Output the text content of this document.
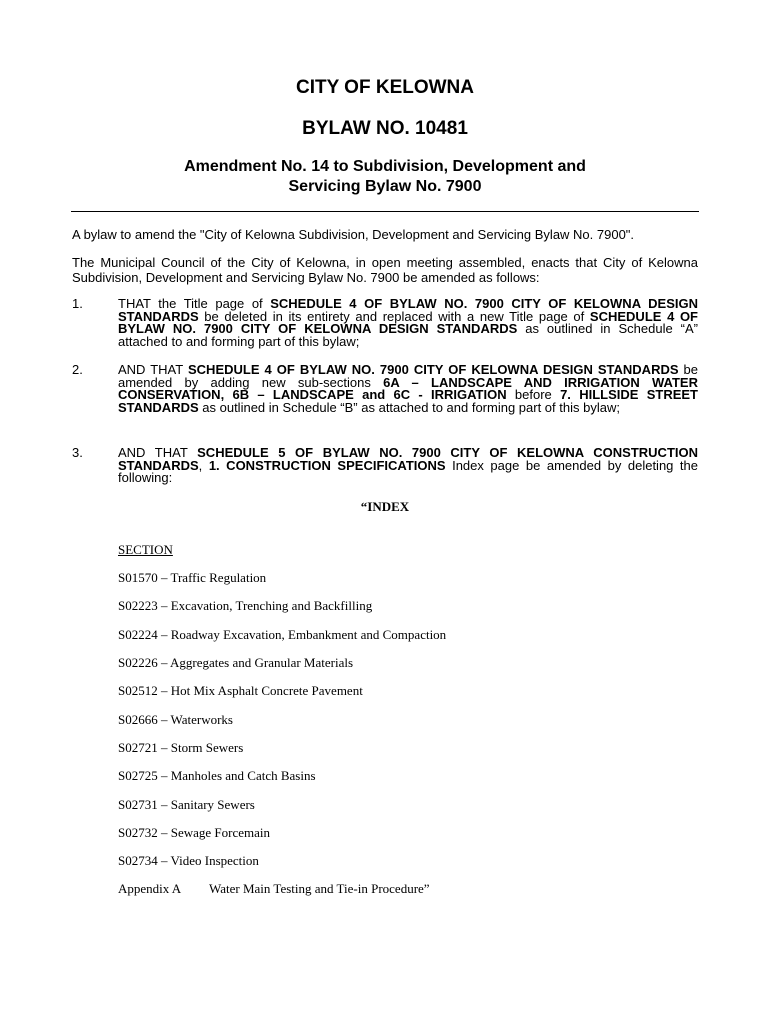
CITY OF KELOWNA
BYLAW NO. 10481
Amendment No. 14 to Subdivision, Development and
Servicing Bylaw No. 7900
A bylaw to amend the "City of Kelowna Subdivision, Development and Servicing Bylaw No. 7900".
The Municipal Council of the City of Kelowna, in open meeting assembled, enacts that City of Kelowna Subdivision, Development and Servicing Bylaw No. 7900 be amended as follows:
1.	THAT the Title page of SCHEDULE 4 OF BYLAW NO. 7900 CITY OF KELOWNA DESIGN STANDARDS be deleted in its entirety and replaced with a new Title page of SCHEDULE 4 OF BYLAW NO. 7900 CITY OF KELOWNA DESIGN STANDARDS as outlined in Schedule “A” attached to and forming part of this bylaw;
2.	AND THAT SCHEDULE 4 OF BYLAW NO. 7900 CITY OF KELOWNA DESIGN STANDARDS be amended by adding new sub-sections 6A – LANDSCAPE AND IRRIGATION WATER CONSERVATION, 6B – LANDSCAPE and 6C - IRRIGATION before 7. HILLSIDE STREET STANDARDS as outlined in Schedule “B” as attached to and forming part of this bylaw;
3.	AND THAT SCHEDULE 5 OF BYLAW NO. 7900 CITY OF KELOWNA CONSTRUCTION STANDARDS, 1. CONSTRUCTION SPECIFICATIONS Index page be amended by deleting the following:
“INDEX
SECTION
S01570 – Traffic Regulation
S02223 – Excavation, Trenching and Backfilling
S02224 – Roadway Excavation, Embankment and Compaction
S02226 – Aggregates and Granular Materials
S02512 – Hot Mix Asphalt Concrete Pavement
S02666 – Waterworks
S02721 – Storm Sewers
S02725 – Manholes and Catch Basins
S02731 – Sanitary Sewers
S02732 – Sewage Forcemain
S02734 – Video Inspection
Appendix A Water Main Testing and Tie-in Procedure”
